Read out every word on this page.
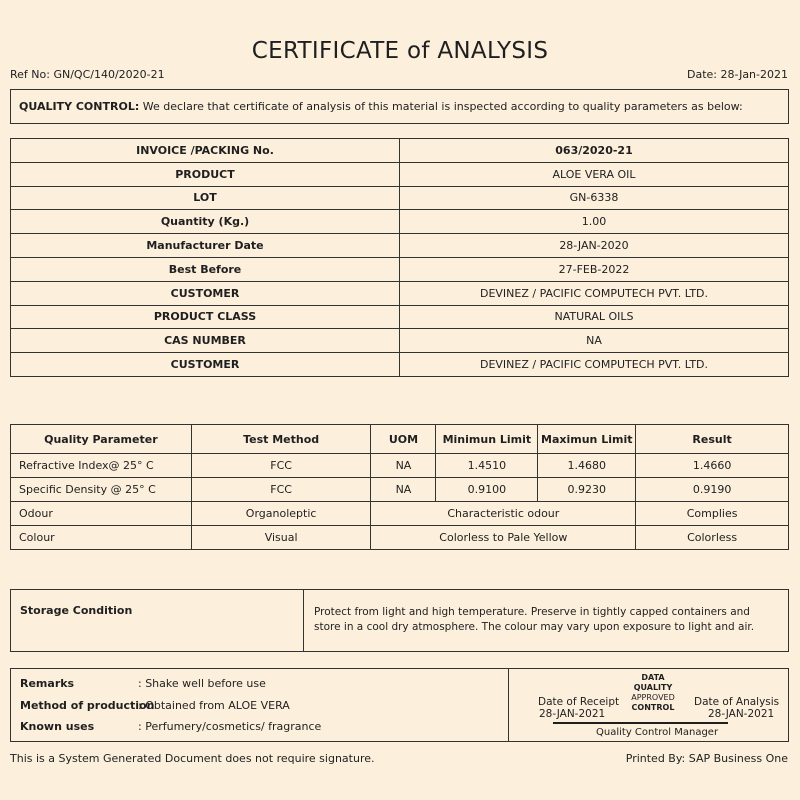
CERTIFICATE of ANALYSIS
Ref No: GN/QC/140/2020-21	Date: 28-Jan-2021
QUALITY CONTROL: We declare that certificate of analysis of this material is inspected according to quality parameters as below:
INVOICE /PACKING No.	063/2020-21
PRODUCT	ALOE VERA OIL
LOT	GN-6338
Quantity (Kg.)	1.00
Manufacturer Date	28-JAN-2020
Best Before	27-FEB-2022
CUSTOMER	DEVINEZ / PACIFIC COMPUTECH PVT. LTD.
PRODUCT CLASS	NATURAL OILS
CAS NUMBER	NA
CUSTOMER	DEVINEZ / PACIFIC COMPUTECH PVT. LTD.
Quality Parameter	Test Method	UOM	Minimun Limit	Maximun Limit	Result
Refractive Index@ 25° C	FCC	NA	1.4510	1.4680	1.4660
Specific Density @ 25° C	FCC	NA	0.9100	0.9230	0.9190
Odour	Organoleptic	Characteristic odour			Complies
Colour	Visual	Colorless to Pale Yellow			Colorless
Storage Condition	Protect from light and high temperature. Preserve in tightly capped containers and store in a cool dry atmosphere. The colour may vary upon exposure to light and air.
Remarks	: Shake well before use
Method of production: Obtained from ALOE VERA
Known uses	: Perfumery/cosmetics/ fragrance
Date of Receipt
28-JAN-2021
DATA
QUALITY
APPROVED
CONTROL	Date of Analysis
28-JAN-2021
Quality Control Manager
This is a System Generated Document does not require signature.	Printed By: SAP Business One
